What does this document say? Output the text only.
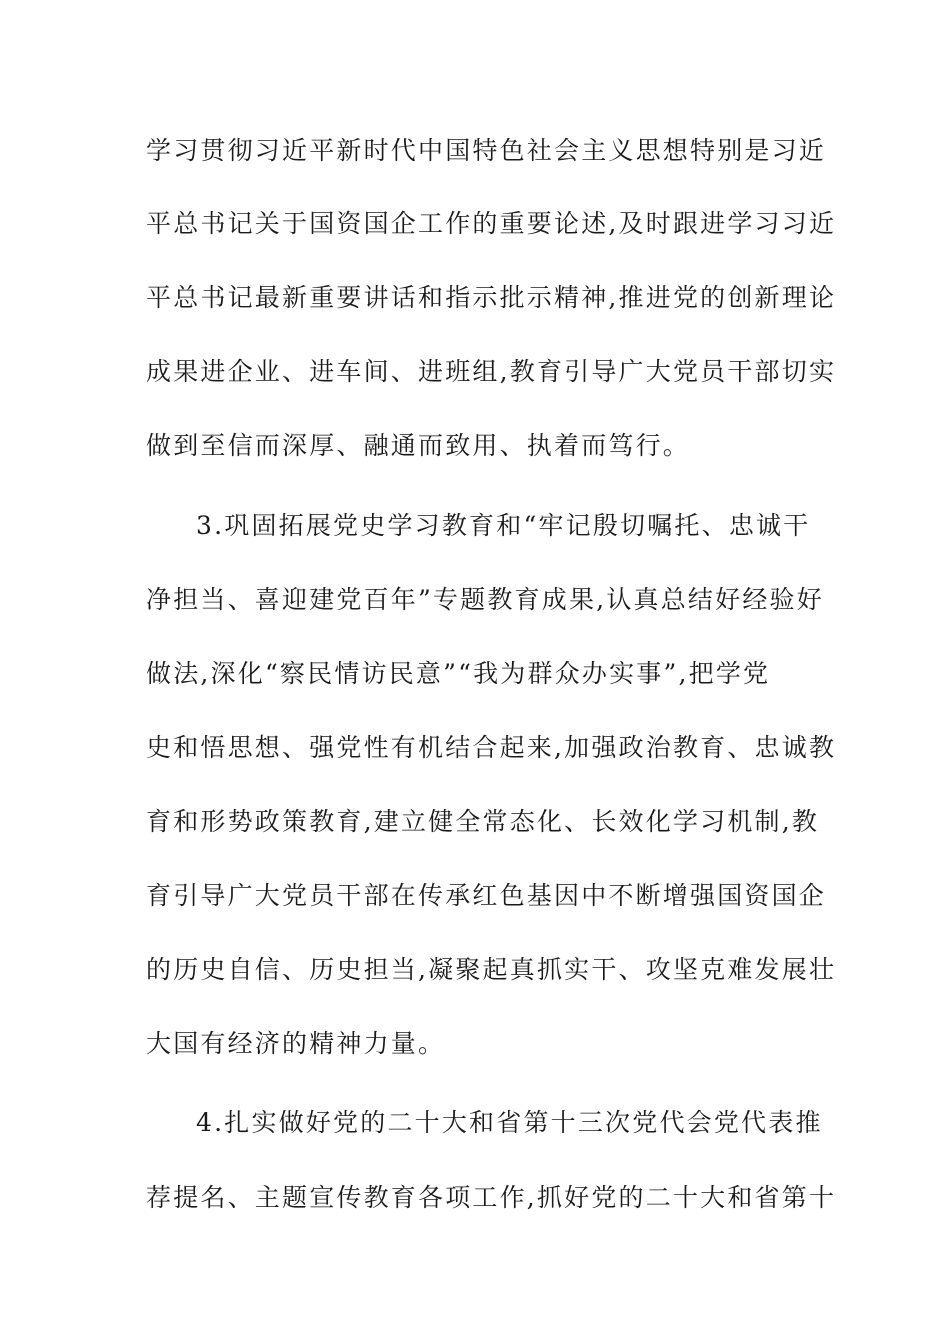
学习贯彻习近平新时代中国特色社会主义思想特别是习近
平总书记关于国资国企工作的重要论述,及时跟进学习习近
平总书记最新重要讲话和指示批示精神,推进党的创新理论
成果进企业、进车间、进班组,教育引导广大党员干部切实
做到至信而深厚、融通而致用、执着而笃行。
3.巩固拓展党史学习教育和“牢记殷切嘱托、忠诚干
净担当、喜迎建党百年”专题教育成果,认真总结好经验好
做法,深化“察民情访民意”“我为群众办实事”,把学党
史和悟思想、强党性有机结合起来,加强政治教育、忠诚教
育和形势政策教育,建立健全常态化、长效化学习机制,教
育引导广大党员干部在传承红色基因中不断增强国资国企
的历史自信、历史担当,凝聚起真抓实干、攻坚克难发展壮
大国有经济的精神力量。
4.扎实做好党的二十大和省第十三次党代会党代表推
荐提名、主题宣传教育各项工作,抓好党的二十大和省第十
